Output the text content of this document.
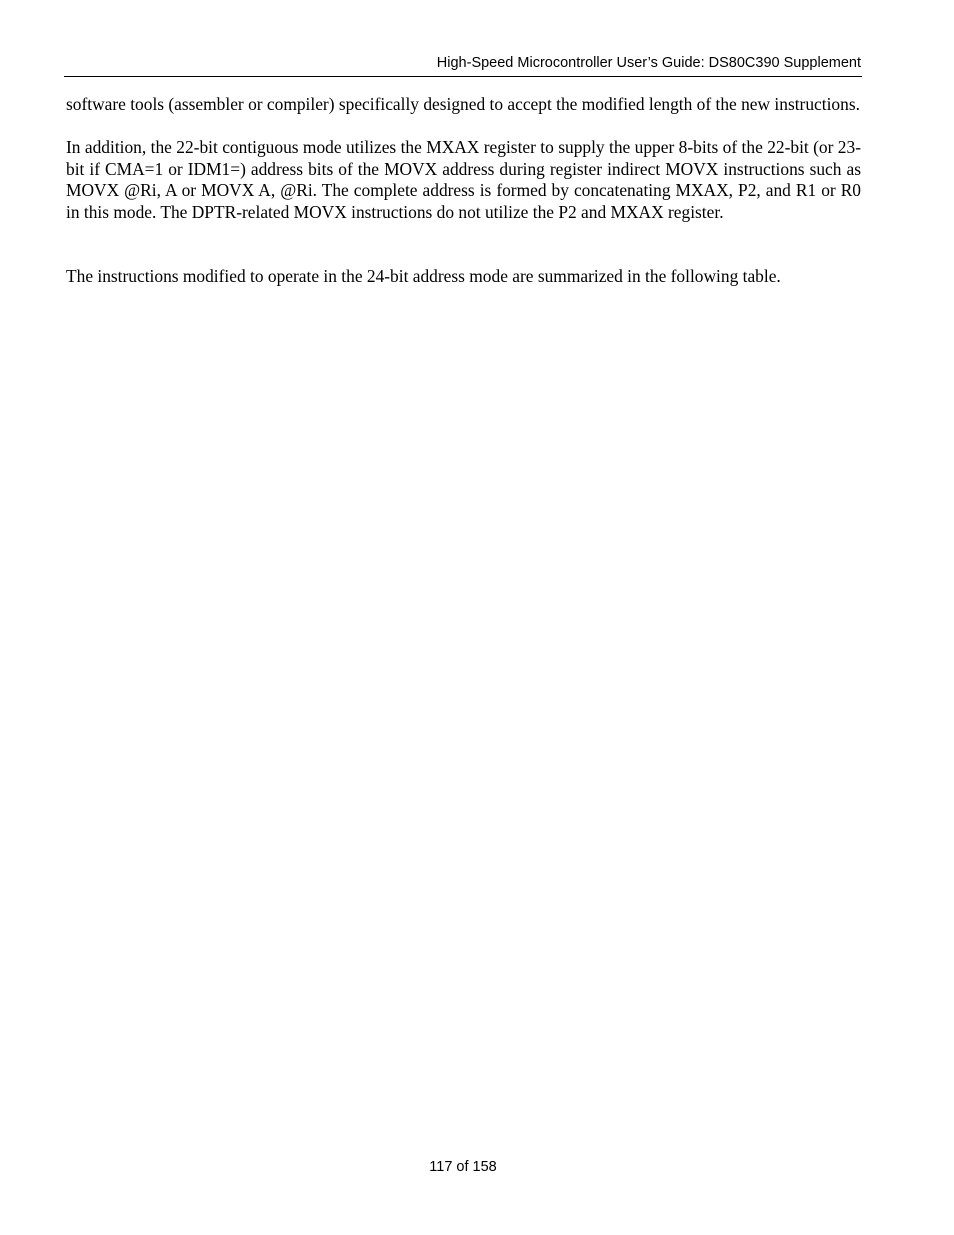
High-Speed Microcontroller User’s Guide: DS80C390 Supplement

software tools (assembler or compiler) specifically designed to accept the modified length of the new instructions.

In addition, the 22-bit contiguous mode utilizes the MXAX register to supply the upper 8-bits of the 22-bit (or 23-bit if CMA=1 or IDM1=) address bits of the MOVX address during register indirect MOVX instructions such as MOVX @Ri, A or MOVX A, @Ri. The complete address is formed by concatenating MXAX, P2, and R1 or R0 in this mode. The DPTR-related MOVX instructions do not utilize the P2 and MXAX register.

The instructions modified to operate in the 24-bit address mode are summarized in the following table.

117 of 158
